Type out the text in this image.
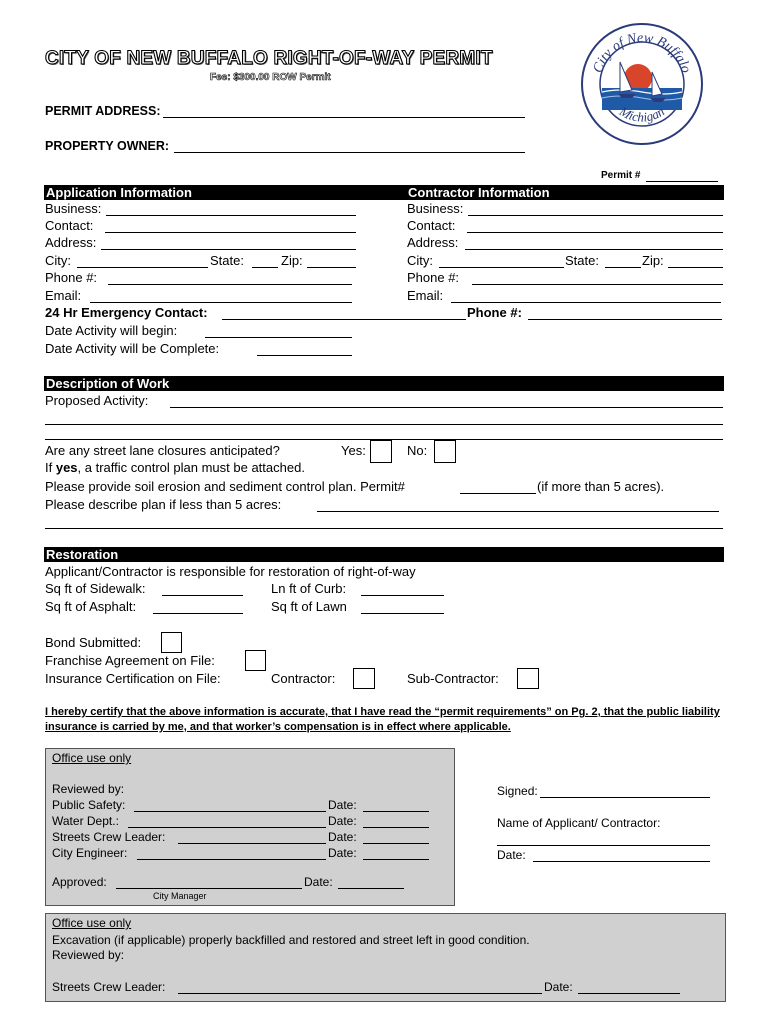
CITY OF NEW BUFFALO RIGHT-OF-WAY PERMIT
Fee: $300.00 ROW Permit
PERMIT ADDRESS:
PROPERTY OWNER:
City of New Buffalo
Michigan
Permit #
Application Information	Contractor Information
Business:
Contact:
Address:
City:	State:	Zip:
Phone #:
Email:
24 Hr Emergency Contact:	Phone #:
Date Activity will begin:
Date Activity will be Complete:
Business:
Contact:
Address:
City:	State:	Zip:
Phone #:
Email:
Description of Work
Proposed Activity:
Are any street lane closures anticipated?	Yes:	No:
If yes, a traffic control plan must be attached.
Please provide soil erosion and sediment control plan. Permit#	(if more than 5 acres).
Please describe plan if less than 5 acres:
Restoration
Applicant/Contractor is responsible for restoration of right-of-way
Sq ft of Sidewalk:	Ln ft of Curb:
Sq ft of Asphalt:	Sq ft of Lawn
Bond Submitted:
Franchise Agreement on File:
Insurance Certification on File:	Contractor:	Sub-Contractor:
I hereby certify that the above information is accurate, that I have read the “permit requirements” on Pg. 2, that the public liability insurance is carried by me, and that worker’s compensation is in effect where applicable.
Office use only
Reviewed by:
Public Safety:	Date:
Water Dept.:	Date:
Streets Crew Leader:	Date:
City Engineer:	Date:
Approved:	Date:
City Manager
Signed:
Name of Applicant/ Contractor:
Date:
Office use only
Excavation (if applicable) properly backfilled and restored and street left in good condition.
Reviewed by:
Streets Crew Leader:	Date:
